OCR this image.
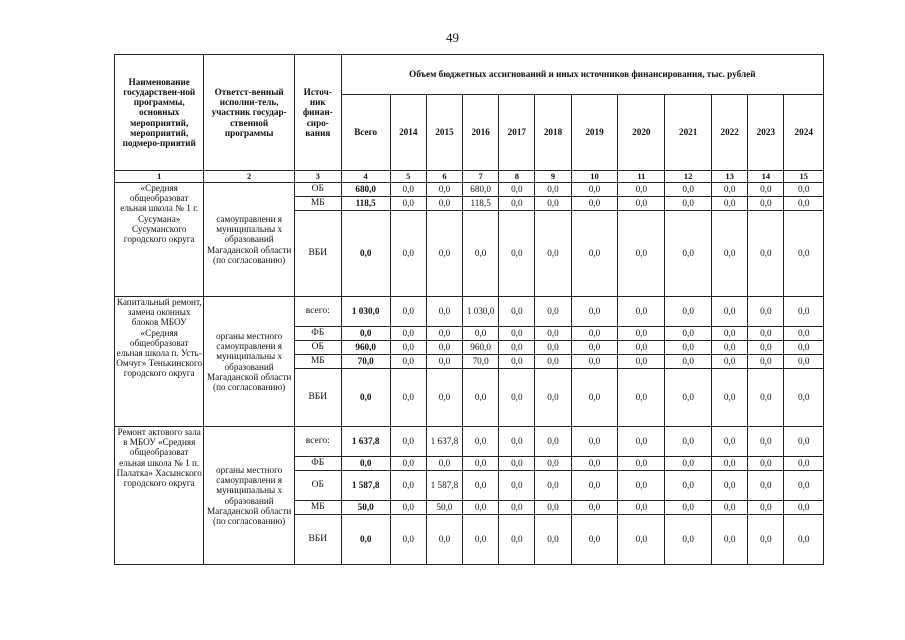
49
Наименование государствен-ной программы, основных мероприятий, мероприятий, подмеро-приятий	Ответст-венный исполни-тель, участник государ-ственной программы	Источ-ник финан-сиро-вания	Объем бюджетных ассигнований и иных источников финансирования, тыс. рублей											
			Всего	2014	2015	2016	2017	2018	2019	2020	2021	2022	2023	2024
1	2	3	4	5	6	7	8	9	10	11	12	13	14	15
«Средняя общеобразоват ельная школа № 1 г. Сусумана» Сусуманского городского округа	самоуправлени я муниципальны х образований Магаданской области (по согласованию)	ОБ	680,0	0,0	0,0	680,0	0,0	0,0	0,0	0,0	0,0	0,0	0,0	0,0
		МБ	118,5	0,0	0,0	118,5	0,0	0,0	0,0	0,0	0,0	0,0	0,0	0,0
		ВБИ	0,0	0,0	0,0	0,0	0,0	0,0	0,0	0,0	0,0	0,0	0,0	0,0
Капитальный ремонт, замена оконных блоков МБОУ «Средняя общеобразоват ельная школа п. Усть-Омчуг» Тенькинского городского округа	органы местного самоуправлени я муниципальны х образований Магаданской области (по согласованию)	всего:	1 030,0	0,0	0,0	1 030,0	0,0	0,0	0,0	0,0	0,0	0,0	0,0	0,0
		ФБ	0,0	0,0	0,0	0,0	0,0	0,0	0,0	0,0	0,0	0,0	0,0	0,0
		ОБ	960,0	0,0	0,0	960,0	0,0	0,0	0,0	0,0	0,0	0,0	0,0	0,0
		МБ	70,0	0,0	0,0	70,0	0,0	0,0	0,0	0,0	0,0	0,0	0,0	0,0
		ВБИ	0,0	0,0	0,0	0,0	0,0	0,0	0,0	0,0	0,0	0,0	0,0	0,0
Ремонт актового зала в МБОУ «Средняя общеобразоват ельная школа № 1 п. Палатка» Хасынского городского округа	органы местного самоуправлени я муниципальны х образований Магаданской области (по согласованию)	всего:	1 637,8	0,0	1 637,8	0,0	0,0	0,0	0,0	0,0	0,0	0,0	0,0	0,0
		ФБ	0,0	0,0	0,0	0,0	0,0	0,0	0,0	0,0	0,0	0,0	0,0	0,0
		ОБ	1 587,8	0,0	1 587,8	0,0	0,0	0,0	0,0	0,0	0,0	0,0	0,0	0,0
		МБ	50,0	0,0	50,0	0,0	0,0	0,0	0,0	0,0	0,0	0,0	0,0	0,0
		ВБИ	0,0	0,0	0,0	0,0	0,0	0,0	0,0	0,0	0,0	0,0	0,0	0,0
